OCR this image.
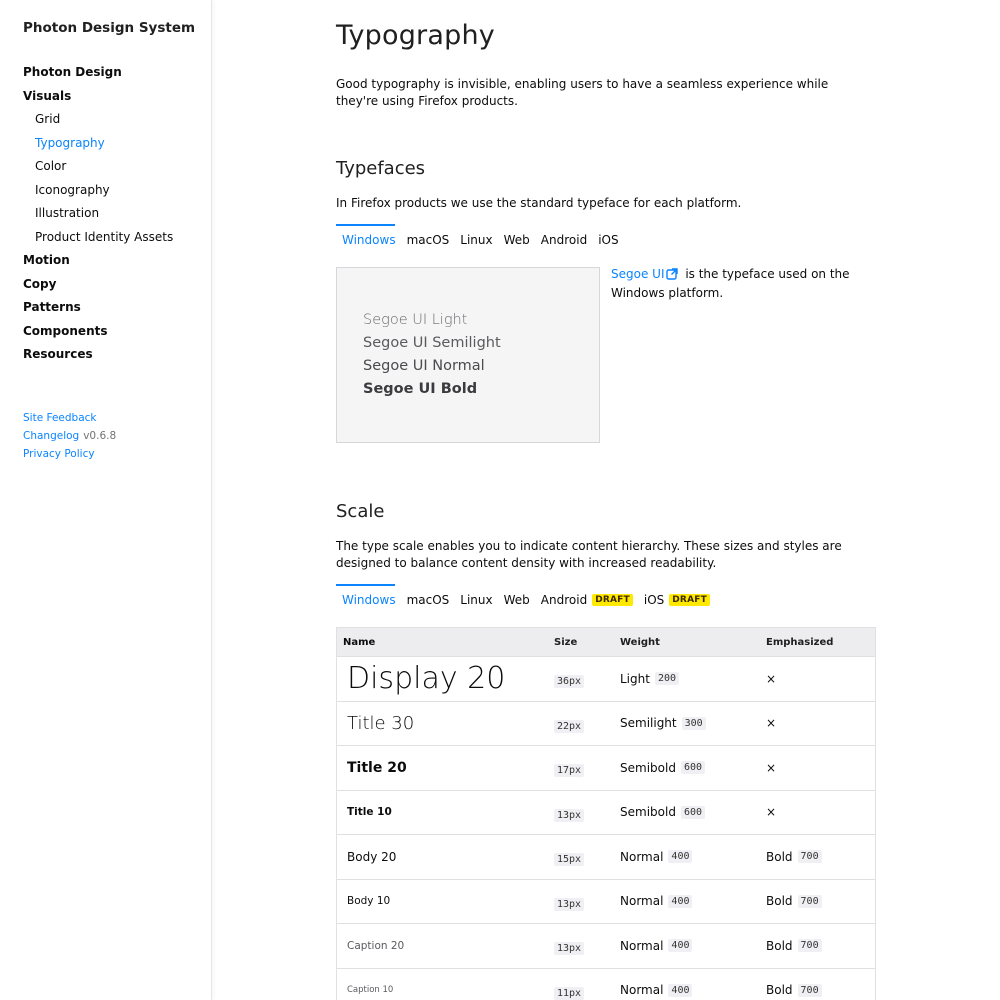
Photon Design System
Photon Design
Visuals
Grid
Typography
Color
Iconography
Illustration
Product Identity Assets
Motion
Copy
Patterns
Components
Resources
Site Feedback
Changelog v0.6.8
Privacy Policy
Typography

Good typography is invisible, enabling users to have a seamless experience while they're using Firefox products.

Typefaces

In Firefox products we use the standard typeface for each platform.

Windows macOS Linux Web Android iOS
Segoe UI Light
Segoe UI Semilight
Segoe UI Normal
Segoe UI Bold

Segoe UI is the typeface used on the Windows platform.

Scale

The type scale enables you to indicate content hierarchy. These sizes and styles are designed to balance content density with increased readability.

Windows macOS Linux Web Android DRAFT iOS DRAFT
Name	Size	Weight	Emphasized
Display 20	36px	Light 200	×
Title 30	22px	Semilight 300	×
Title 20	17px	Semibold 600	×
Title 10	13px	Semibold 600	×
Body 20	15px	Normal 400	Bold 700
Body 10	13px	Normal 400	Bold 700
Caption 20	13px	Normal 400	Bold 700
Caption 10	11px	Normal 400	Bold 700
